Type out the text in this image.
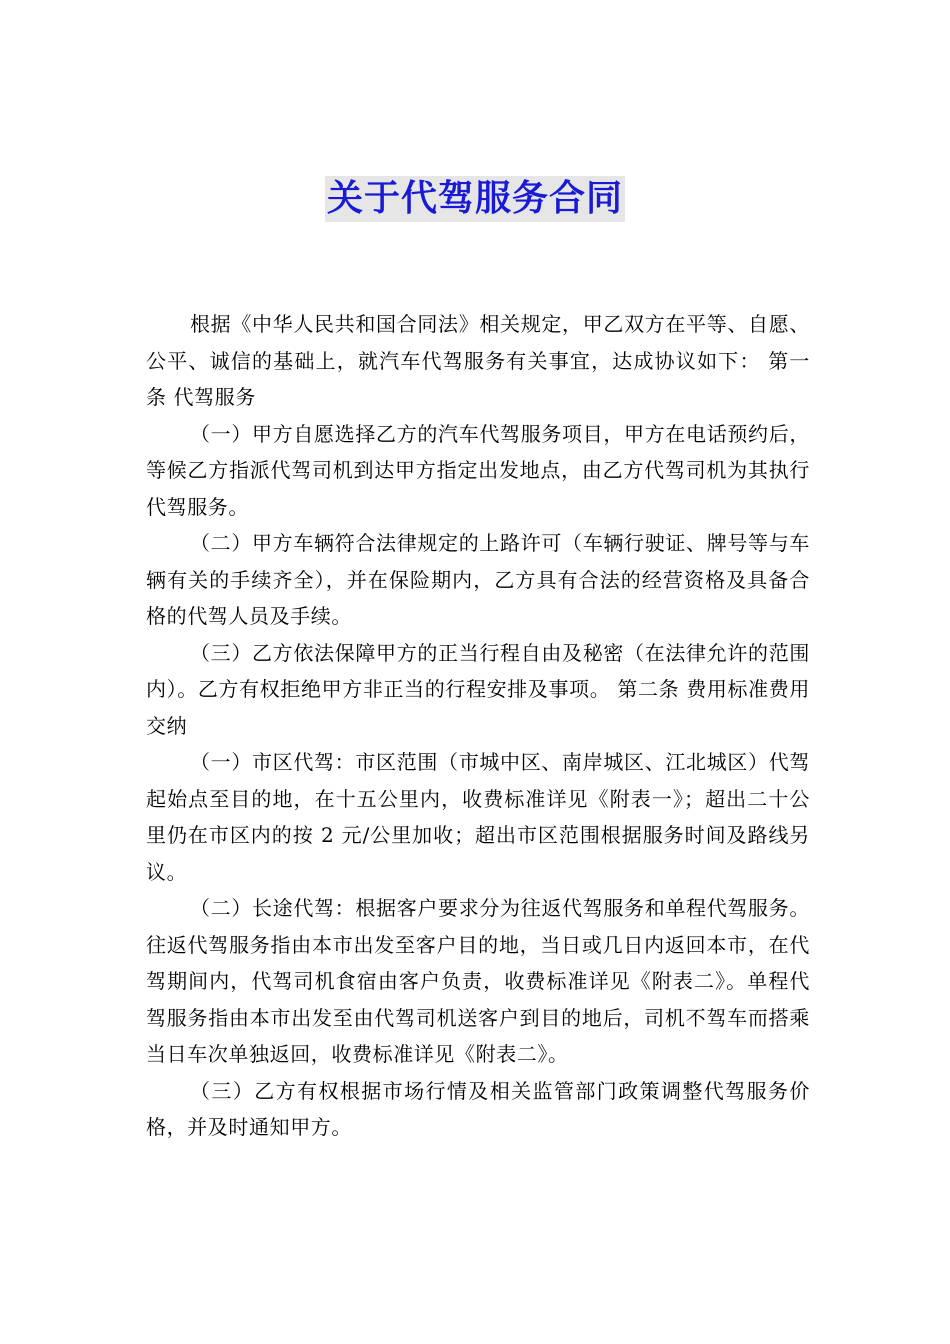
关于代驾服务合同

根据《中华人民共和国合同法》相关规定，甲乙双方在平等、自愿、公平、诚信的基础上，就汽车代驾服务有关事宜，达成协议如下： 第一条 代驾服务

（一）甲方自愿选择乙方的汽车代驾服务项目，甲方在电话预约后，等候乙方指派代驾司机到达甲方指定出发地点，由乙方代驾司机为其执行代驾服务。

（二）甲方车辆符合法律规定的上路许可（车辆行驶证、牌号等与车辆有关的手续齐全），并在保险期内，乙方具有合法的经营资格及具备合格的代驾人员及手续。

（三）乙方依法保障甲方的正当行程自由及秘密（在法律允许的范围内）。乙方有权拒绝甲方非正当的行程安排及事项。 第二条 费用标准费用交纳

（一）市区代驾：市区范围（市城中区、南岸城区、江北城区）代驾起始点至目的地，在十五公里内，收费标准详见《附表一》；超出二十公里仍在市区内的按 2 元/公里加收；超出市区范围根据服务时间及路线另议。

（二）长途代驾：根据客户要求分为往返代驾服务和单程代驾服务。往返代驾服务指由本市出发至客户目的地，当日或几日内返回本市，在代驾期间内，代驾司机食宿由客户负责，收费标准详见《附表二》。单程代驾服务指由本市出发至由代驾司机送客户到目的地后，司机不驾车而搭乘当日车次单独返回，收费标准详见《附表二》。

（三）乙方有权根据市场行情及相关监管部门政策调整代驾服务价格，并及时通知甲方。
